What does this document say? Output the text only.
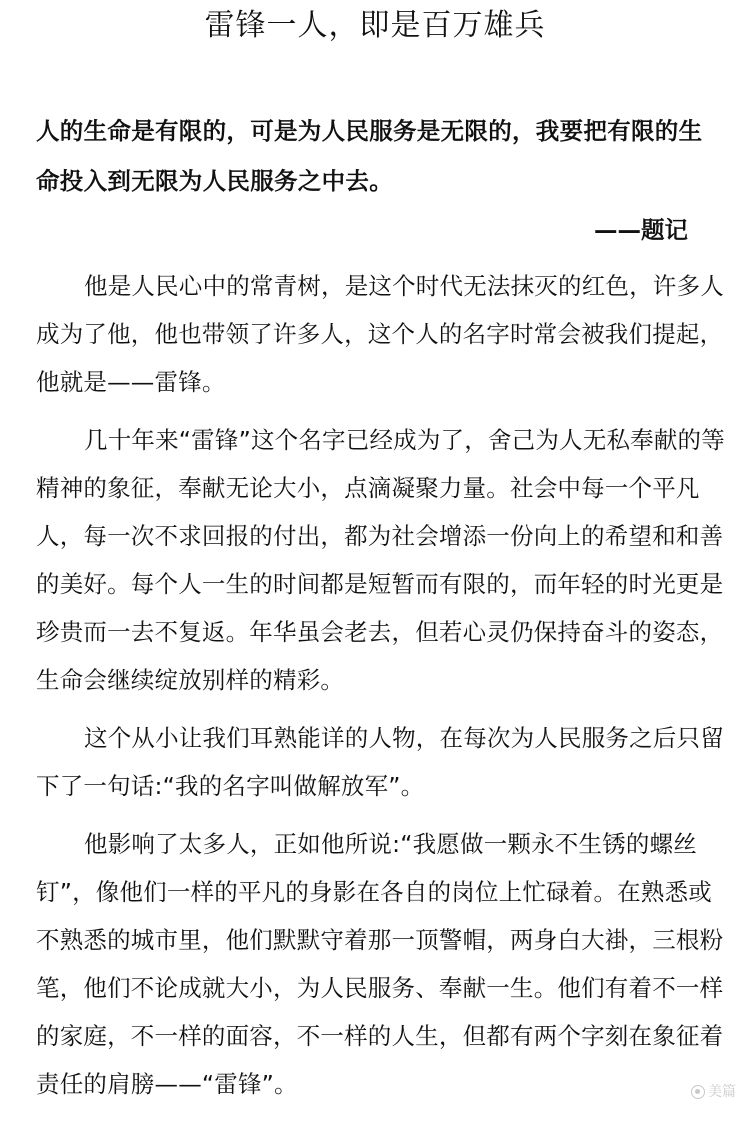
雷锋一人，即是百万雄兵

人的生命是有限的，可是为人民服务是无限的，我要把有限的生命投入到无限为人民服务之中去。

——题记

他是人民心中的常青树，是这个时代无法抹灭的红色，许多人成为了他，他也带领了许多人，这个人的名字时常会被我们提起，他就是——雷锋。

几十年来“雷锋”这个名字已经成为了，舍己为人无私奉献的等精神的象征，奉献无论大小，点滴凝聚力量。社会中每一个平凡人，每一次不求回报的付出，都为社会增添一份向上的希望和和善的美好。每个人一生的时间都是短暂而有限的，而年轻的时光更是珍贵而一去不复返。年华虽会老去，但若心灵仍保持奋斗的姿态，生命会继续绽放别样的精彩。

这个从小让我们耳熟能详的人物，在每次为人民服务之后只留下了一句话:“我的名字叫做解放军”。

他影响了太多人，正如他所说:“我愿做一颗永不生锈的螺丝钉”，像他们一样的平凡的身影在各自的岗位上忙碌着。在熟悉或不熟悉的城市里，他们默默守着那一顶警帽，两身白大褂，三根粉笔，他们不论成就大小，为人民服务、奉献一生。他们有着不一样的家庭，不一样的面容，不一样的人生，但都有两个字刻在象征着责任的肩膀——“雷锋”。	美篇
